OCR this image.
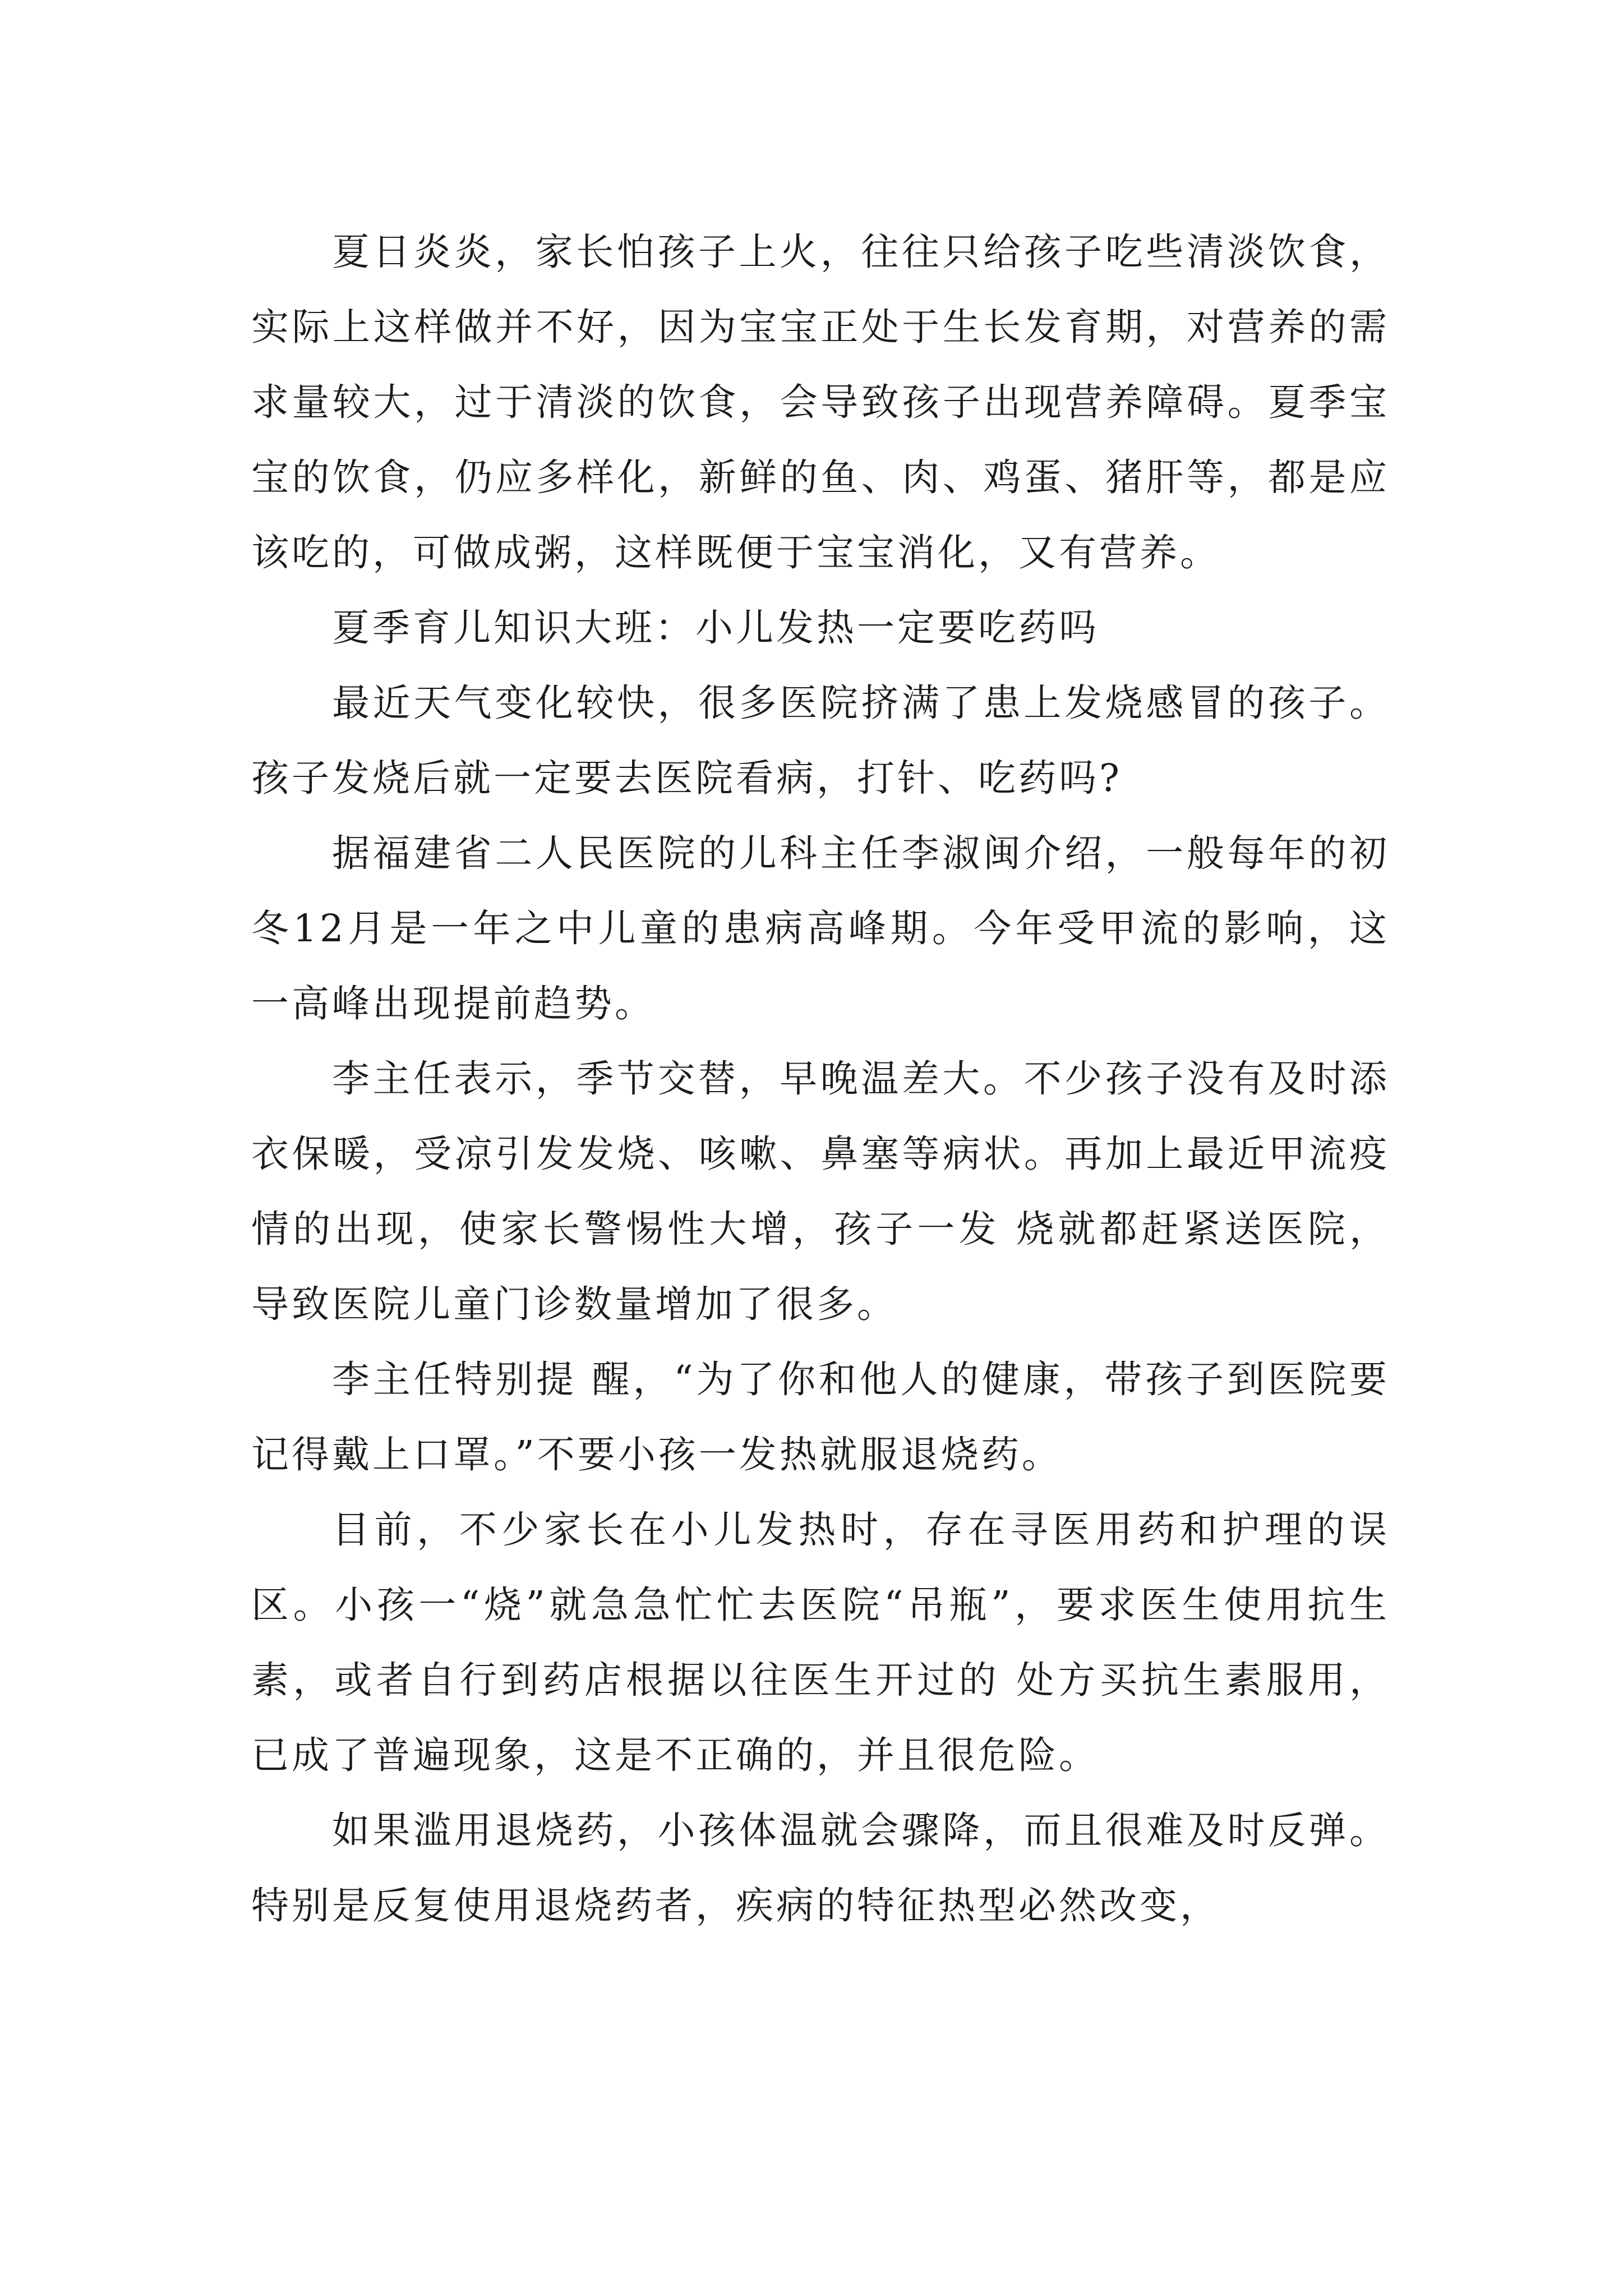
夏日炎炎，家长怕孩子上火，往往只给孩子吃些清淡饮食，实际上这样做并不好，因为宝宝正处于生长发育期，对营养的需求量较大，过于清淡的饮食，会导致孩子出现营养障碍。夏季宝宝的饮食，仍应多样化，新鲜的鱼、肉、鸡蛋、猪肝等，都是应该吃的，可做成粥，这样既便于宝宝消化，又有营养。

夏季育儿知识大班：小儿发热一定要吃药吗

最近天气变化较快，很多医院挤满了患上发烧感冒的孩子。孩子发烧后就一定要去医院看病，打针、吃药吗?

据福建省二人民医院的儿科主任李淑闽介绍，一般每年的初冬12月是一年之中儿童的患病高峰期。今年受甲流的影响，这一高峰出现提前趋势。

李主任表示，季节交替，早晚温差大。不少孩子没有及时添衣保暖，受凉引发发烧、咳嗽、鼻塞等病状。再加上最近甲流疫情的出现，使家长警惕性大增，孩子一发 烧就都赶紧送医院，导致医院儿童门诊数量增加了很多。

李主任特别提 醒，“为了你和他人的健康，带孩子到医院要记得戴上口罩。”不要小孩一发热就服退烧药。

目前，不少家长在小儿发热时，存在寻医用药和护理的误区。小孩一“烧”就急急忙忙去医院“吊瓶”，要求医生使用抗生素，或者自行到药店根据以往医生开过的 处方买抗生素服用，已成了普遍现象，这是不正确的，并且很危险。

如果滥用退烧药，小孩体温就会骤降，而且很难及时反弹。特别是反复使用退烧药者，疾病的特征热型必然改变，
